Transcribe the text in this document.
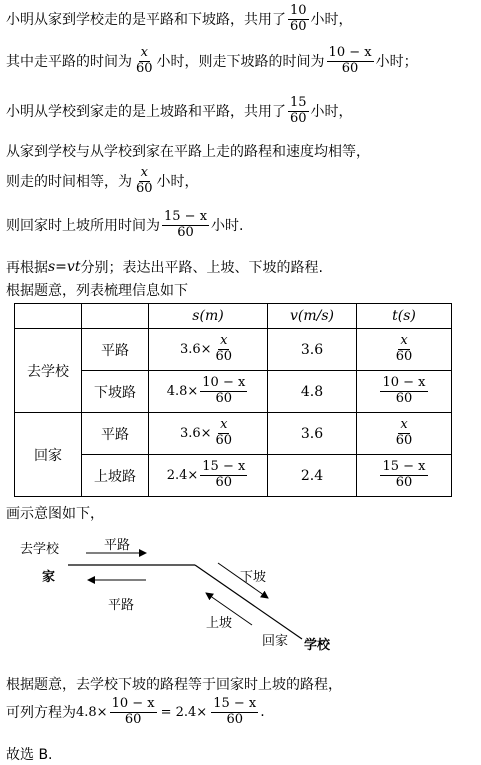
小明从家到学校走的是平路和下坡路，共用了 $\frac{10}{60}$ 小时，
其中走平路的时间为 $\frac{x}{60}$ 小时，则走下坡路的时间为 $\frac{10 - x}{60}$ 小时；
小明从学校到家走的是上坡路和平路，共用了 $\frac{15}{60}$ 小时，
从家到学校与从学校到家在平路上走的路程和速度均相等，
则走的时间相等，为 $\frac{x}{60}$ 小时，
则回家时上坡所用时间为 $\frac{15 - x}{60}$ 小时.
再根据 s=vt 分别；表达出平路、上坡、下坡的路程.
根据题意，列表梳理信息如下
		s(m)	v(m/s)	t(s)
去学校	平路	$3.6\times \frac{x}{60}$	3.6	$\frac{x}{60}$

	下坡路	$4.8\times \frac{10 - x}{60}$	4.8	$\frac{10 - x}{60}$

回家	平路	$3.6\times \frac{x}{60}$	3.6	$\frac{x}{60}$

	上坡路	$2.4\times \frac{15 - x}{60}$	2.4	$\frac{15 - x}{60}$
画示意图如下，
去学校	平路
家
平路
下坡
上坡
回家 学校
根据题意，去学校下坡的路程等于回家时上坡的路程，
可列方程为 $4.8\times \frac{10 - x}{60} = 2.4\times \frac{15 - x}{60}$ .
故选 B.
